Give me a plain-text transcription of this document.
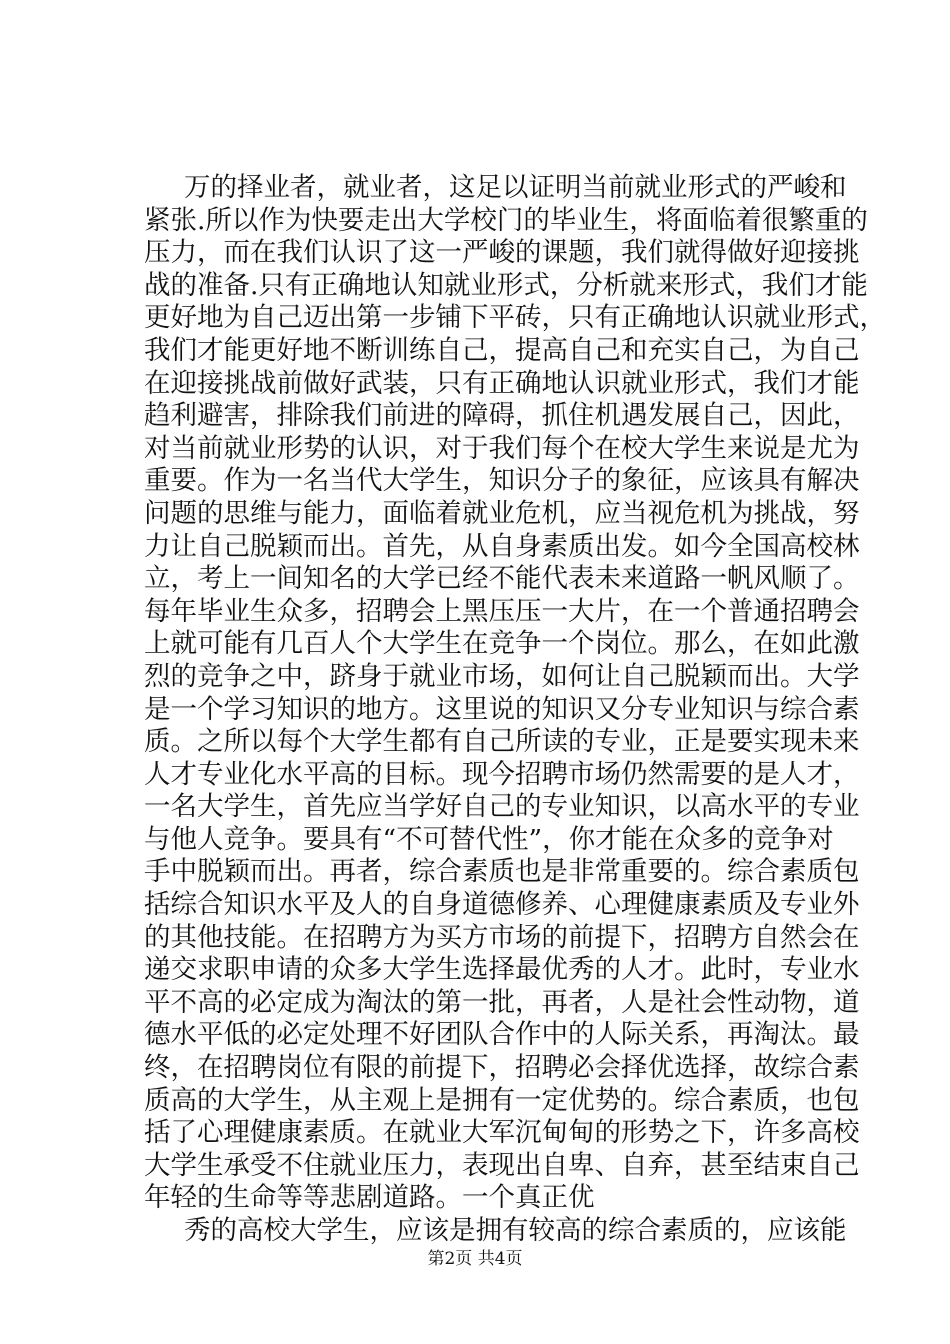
万的择业者，就业者，这足以证明当前就业形式的严峻和
紧张.所以作为快要走出大学校门的毕业生，将面临着很繁重的
压力，而在我们认识了这一严峻的课题，我们就得做好迎接挑
战的准备.只有正确地认知就业形式，分析就来形式，我们才能
更好地为自己迈出第一步铺下平砖，只有正确地认识就业形式，
我们才能更好地不断训练自己，提高自己和充实自己，为自己
在迎接挑战前做好武装，只有正确地认识就业形式，我们才能
趋利避害，排除我们前进的障碍，抓住机遇发展自己，因此，
对当前就业形势的认识，对于我们每个在校大学生来说是尤为
重要。作为一名当代大学生，知识分子的象征，应该具有解决
问题的思维与能力，面临着就业危机，应当视危机为挑战，努
力让自己脱颖而出。首先，从自身素质出发。如今全国高校林
立，考上一间知名的大学已经不能代表未来道路一帆风顺了。
每年毕业生众多，招聘会上黑压压一大片，在一个普通招聘会
上就可能有几百人个大学生在竞争一个岗位。那么，在如此激
烈的竞争之中，跻身于就业市场，如何让自己脱颖而出。大学
是一个学习知识的地方。这里说的知识又分专业知识与综合素
质。之所以每个大学生都有自己所读的专业，正是要实现未来
人才专业化水平高的目标。现今招聘市场仍然需要的是人才，
一名大学生，首先应当学好自己的专业知识，以高水平的专业
与他人竞争。要具有“不可替代性”，你才能在众多的竞争对
手中脱颖而出。再者，综合素质也是非常重要的。综合素质包
括综合知识水平及人的自身道德修养、心理健康素质及专业外
的其他技能。在招聘方为买方市场的前提下，招聘方自然会在
递交求职申请的众多大学生选择最优秀的人才。此时，专业水
平不高的必定成为淘汰的第一批，再者，人是社会性动物，道
德水平低的必定处理不好团队合作中的人际关系，再淘汰。最
终，在招聘岗位有限的前提下，招聘必会择优选择，故综合素
质高的大学生，从主观上是拥有一定优势的。综合素质，也包
括了心理健康素质。在就业大军沉甸甸的形势之下，许多高校
大学生承受不住就业压力，表现出自卑、自弃，甚至结束自己
年轻的生命等等悲剧道路。一个真正优
秀的高校大学生，应该是拥有较高的综合素质的，应该能
第2页 共4页
